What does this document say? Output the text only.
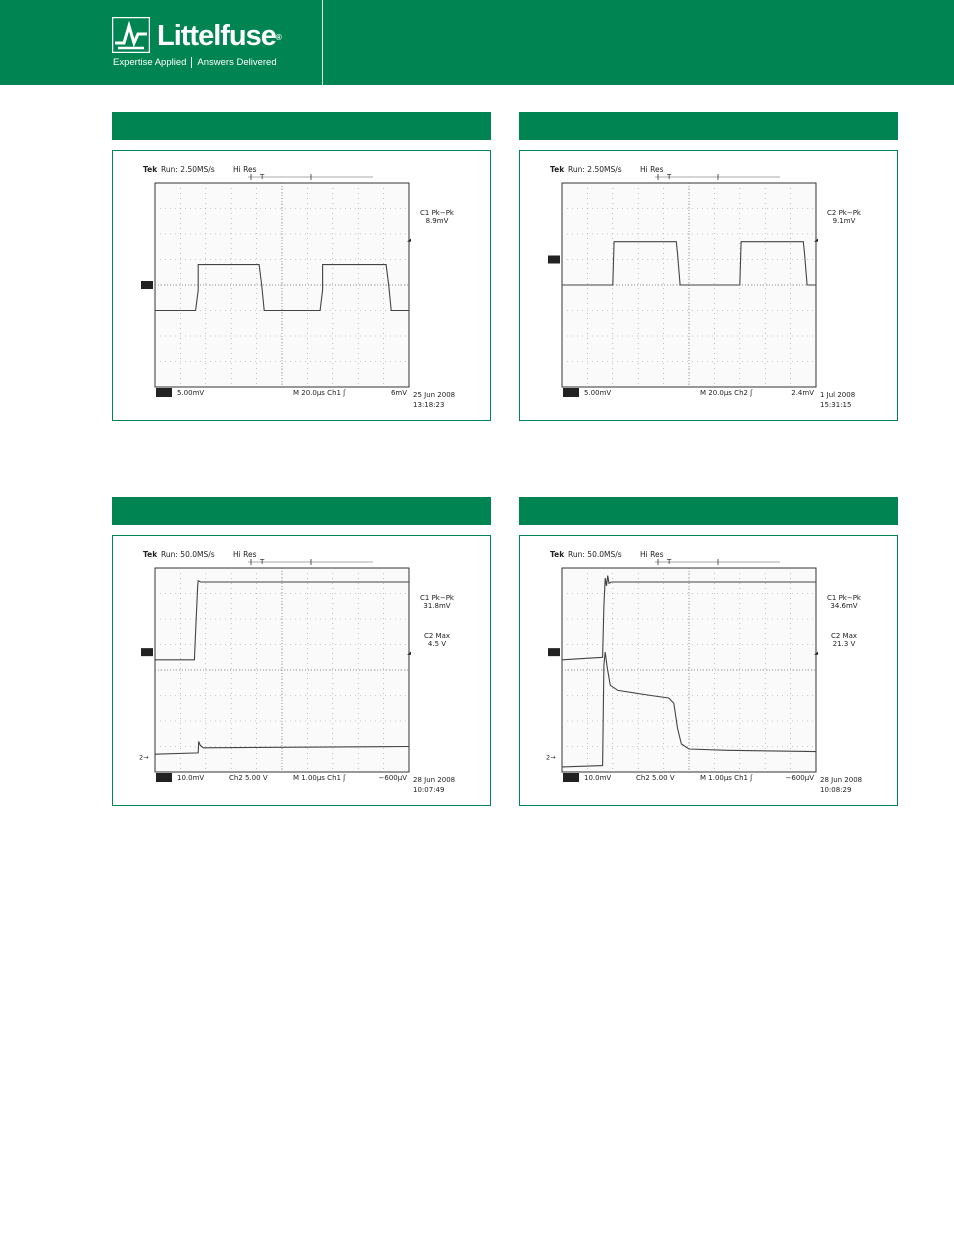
Littelfuse®
Expertise Applied Answers Delivered
Tek Run: 2.50MS/s Hi Res
T
C1 Pk−Pk
8.9mV
1→
Ch1 5.00mV	M 20.0µs Ch1 ʃ	6mV 25 Jun 2008
13:18:23
Tek Run: 2.50MS/s Hi Res
T
C2 Pk−Pk
9.1mV
2→
Ch2 5.00mV	M 20.0µs Ch2 ʃ	2.4mV 1 Jul 2008
15:31:15
Tek Run: 50.0MS/s Hi Res
T
C1 Pk−Pk
31.8mV
C2 Max
4.5 V
1→
2→
Ch1 10.0mV	Ch2 5.00 V	M 1.00µs Ch1 ʃ	−600µV 28 Jun 2008
10:07:49
Tek Run: 50.0MS/s Hi Res
T
C1 Pk−Pk
34.6mV
C2 Max
21.3 V
1→
2→
Ch1 10.0mV	Ch2 5.00 V	M 1.00µs Ch1 ʃ	−600µV 28 Jun 2008
10:08:29
